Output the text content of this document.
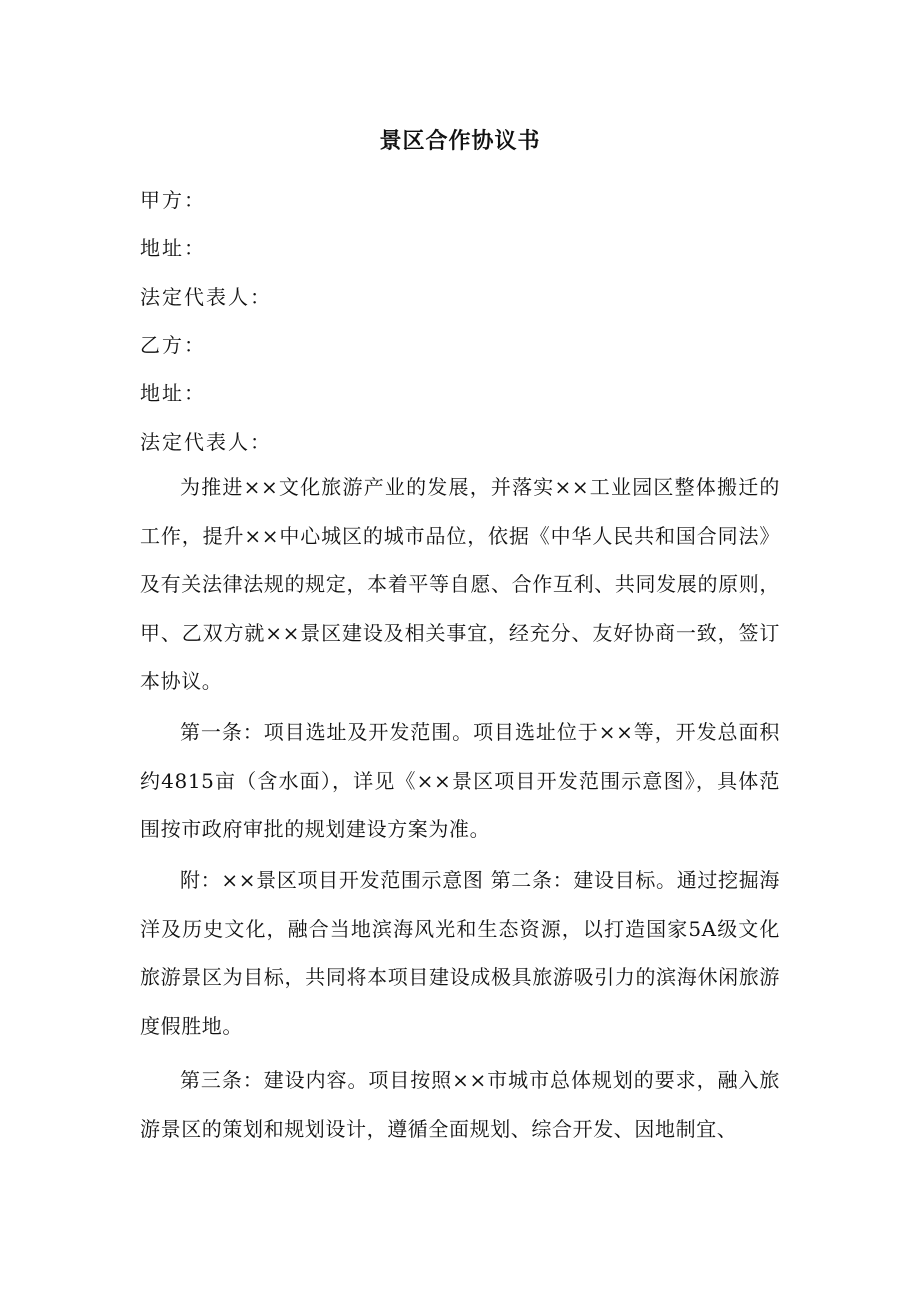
景区合作协议书
甲方：
地址：
法定代表人：
乙方：
地址：
法定代表人：
为推进××文化旅游产业的发展，并落实××工业园区整体搬迁的工作，提升××中心城区的城市品位，依据《中华人民共和国合同法》及有关法律法规的规定，本着平等自愿、合作互利、共同发展的原则，甲、乙双方就××景区建设及相关事宜，经充分、友好协商一致，签订本协议。
第一条：项目选址及开发范围。项目选址位于××等，开发总面积约4815亩（含水面），详见《××景区项目开发范围示意图》，具体范围按市政府审批的规划建设方案为准。
附：××景区项目开发范围示意图 第二条：建设目标。通过挖掘海洋及历史文化，融合当地滨海风光和生态资源，以打造国家5A级文化旅游景区为目标，共同将本项目建设成极具旅游吸引力的滨海休闲旅游度假胜地。
第三条：建设内容。项目按照××市城市总体规划的要求，融入旅游景区的策划和规划设计，遵循全面规划、综合开发、因地制宜、
